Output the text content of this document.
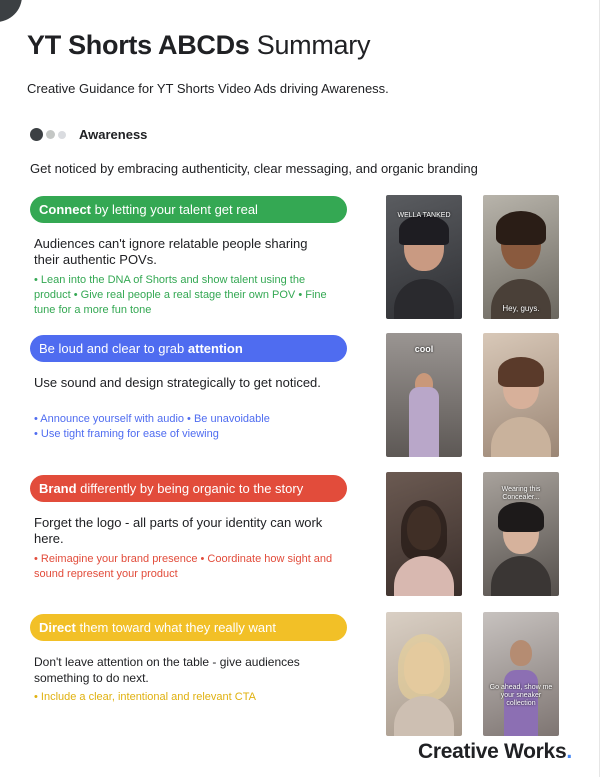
YT Shorts ABCDs Summary
Creative Guidance for YT Shorts Video Ads driving Awareness.
Awareness
Get noticed by embracing authenticity, clear messaging, and organic branding
Connect by letting your talent get real
Audiences can't ignore relatable people sharing their authentic POVs.
• Lean into the DNA of Shorts and show talent using the product • Give real people a real stage their own POV • Fine tune for a more fun tone
WELLA TANKED
Hey, guys.
Be loud and clear to grab attention
Use sound and design strategically to get noticed.
• Announce yourself with audio • Be unavoidable
• Use tight framing for ease of viewing
cool
Brand differently by being organic to the story
Forget the logo - all parts of your identity can work here.
• Reimagine your brand presence • Coordinate how sight and sound represent your product
Wearing this Concealer...
Direct them toward what they really want
Don't leave attention on the table - give audiences something to do next.
• Include a clear, intentional and relevant CTA
Go ahead, show me your sneaker collection
Creative Works.
